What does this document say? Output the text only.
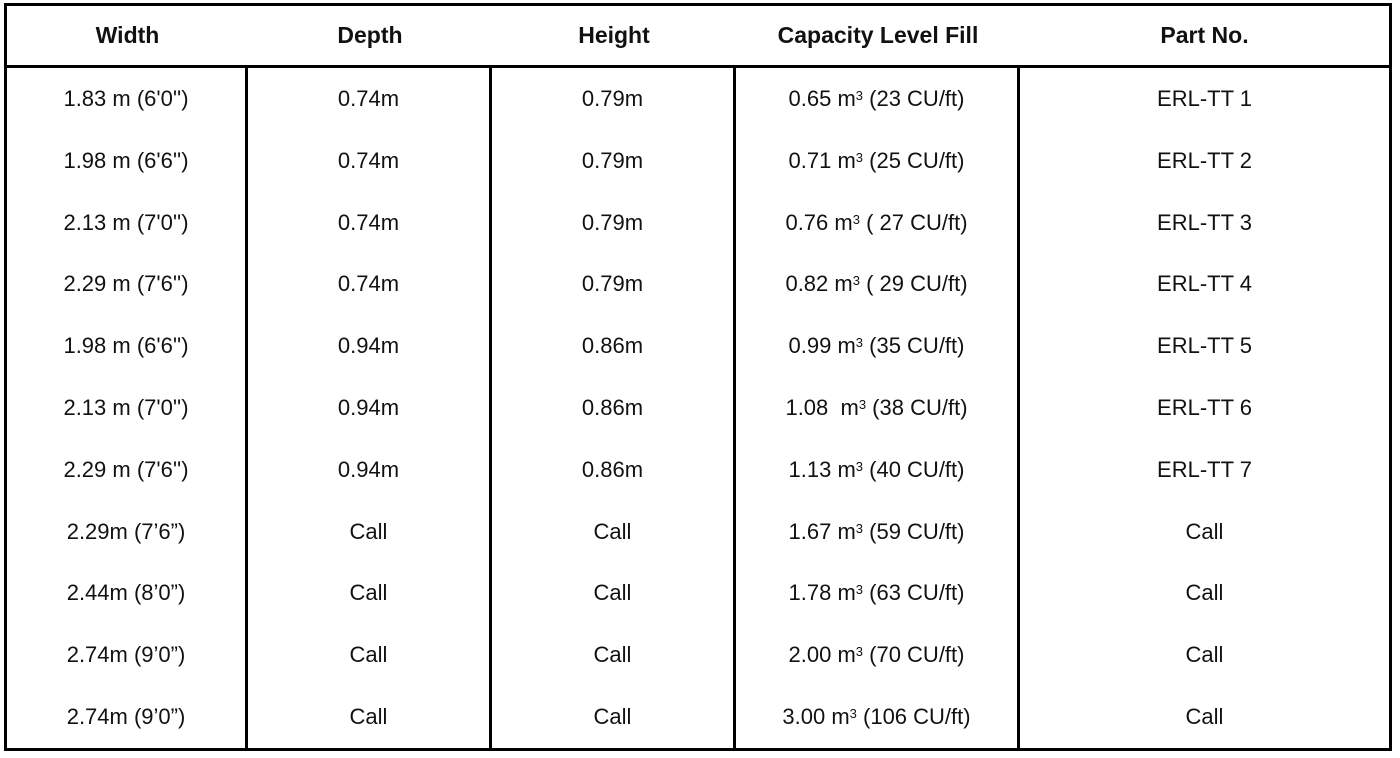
Width	Depth	Height	Capacity Level Fill	Part No.
1.83 m (6'0'')	0.74m	0.79m	0.65 $m^3$ (23 CU/ft)	ERL-TT 1
1.98 m (6'6'')	0.74m	0.79m	0.71 $m^3$ (25 CU/ft)	ERL-TT 2
2.13 m (7'0'')	0.74m	0.79m	0.76 $m^3$ ( 27 CU/ft)	ERL-TT 3
2.29 m (7'6'')	0.74m	0.79m	0.82 $m^3$ ( 29 CU/ft)	ERL-TT 4
1.98 m (6'6'')	0.94m	0.86m	0.99 $m^3$ (35 CU/ft)	ERL-TT 5
2.13 m (7'0'')	0.94m	0.86m	1.08  $m^3$ (38 CU/ft)	ERL-TT 6
2.29 m (7'6'')	0.94m	0.86m	1.13 $m^3$ (40 CU/ft)	ERL-TT 7
2.29m (7’6”)	Call	Call	1.67 $m^3$ (59 CU/ft)	Call
2.44m (8’0”)	Call	Call	1.78 $m^3$ (63 CU/ft)	Call
2.74m (9’0”)	Call	Call	2.00 $m^3$ (70 CU/ft)	Call
2.74m (9’0”)	Call	Call	3.00 $m^3$ (106 CU/ft)	Call
